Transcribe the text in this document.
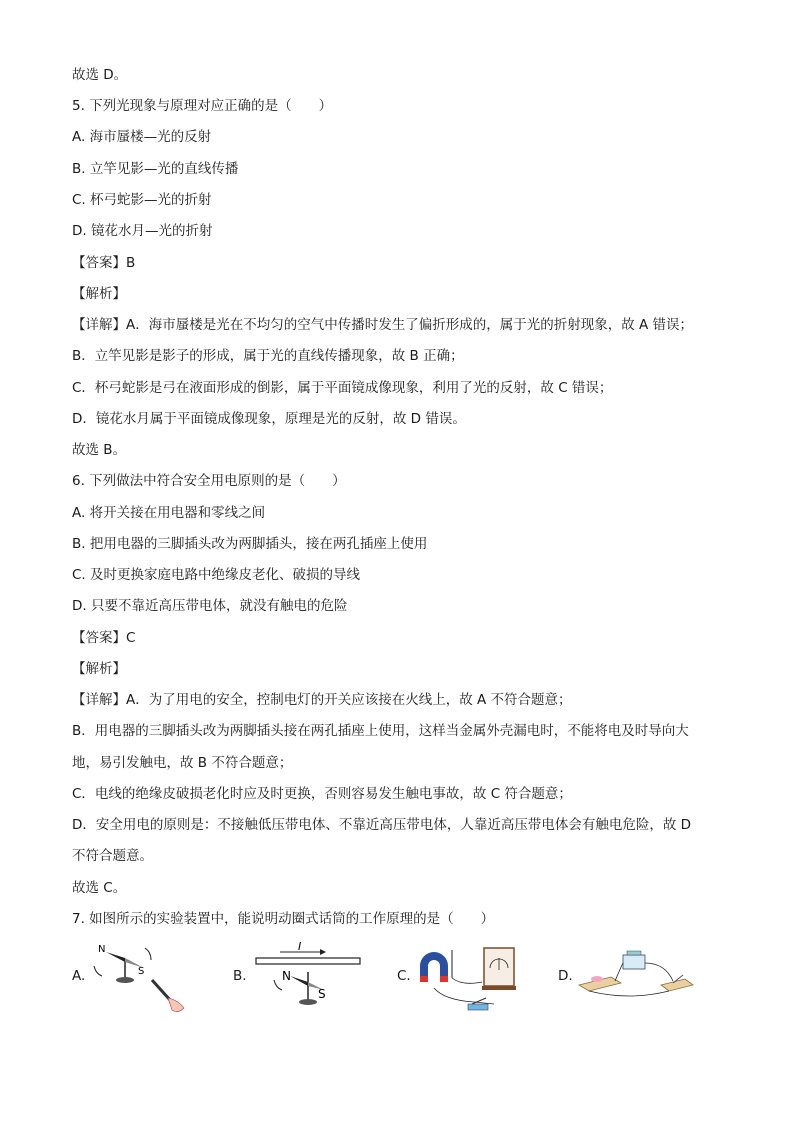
故选 D。
5. 下列光现象与原理对应正确的是（　　）
A. 海市蜃楼—光的反射
B. 立竿见影—光的直线传播
C. 杯弓蛇影—光的折射
D. 镜花水月—光的折射
【答案】B
【解析】
【详解】A．海市蜃楼是光在不均匀的空气中传播时发生了偏折形成的，属于光的折射现象，故 A 错误；
B．立竿见影是影子的形成，属于光的直线传播现象，故 B 正确；
C．杯弓蛇影是弓在液面形成的倒影，属于平面镜成像现象，利用了光的反射，故 C 错误；
D．镜花水月属于平面镜成像现象，原理是光的反射，故 D 错误。
故选 B。
6. 下列做法中符合安全用电原则的是（　　）
A. 将开关接在用电器和零线之间
B. 把用电器的三脚插头改为两脚插头，接在两孔插座上使用
C. 及时更换家庭电路中绝缘皮老化、破损的导线
D. 只要不靠近高压带电体，就没有触电的危险
【答案】C
【解析】
【详解】A．为了用电的安全，控制电灯的开关应该接在火线上，故 A 不符合题意；
B．用电器的三脚插头改为两脚插头接在两孔插座上使用，这样当金属外壳漏电时，不能将电及时导向大
地，易引发触电，故 B 不符合题意；
C．电线的绝缘皮破损老化时应及时更换，否则容易发生触电事故，故 C 符合题意；
D．安全用电的原则是：不接触低压带电体、不靠近高压带电体，人靠近高压带电体会有触电危险，故 D
不符合题意。
故选 C。
7. 如图所示的实验装置中，能说明动圈式话筒的工作原理的是（　　）
A.
N
S	B.
I
N
S
C.	D.
